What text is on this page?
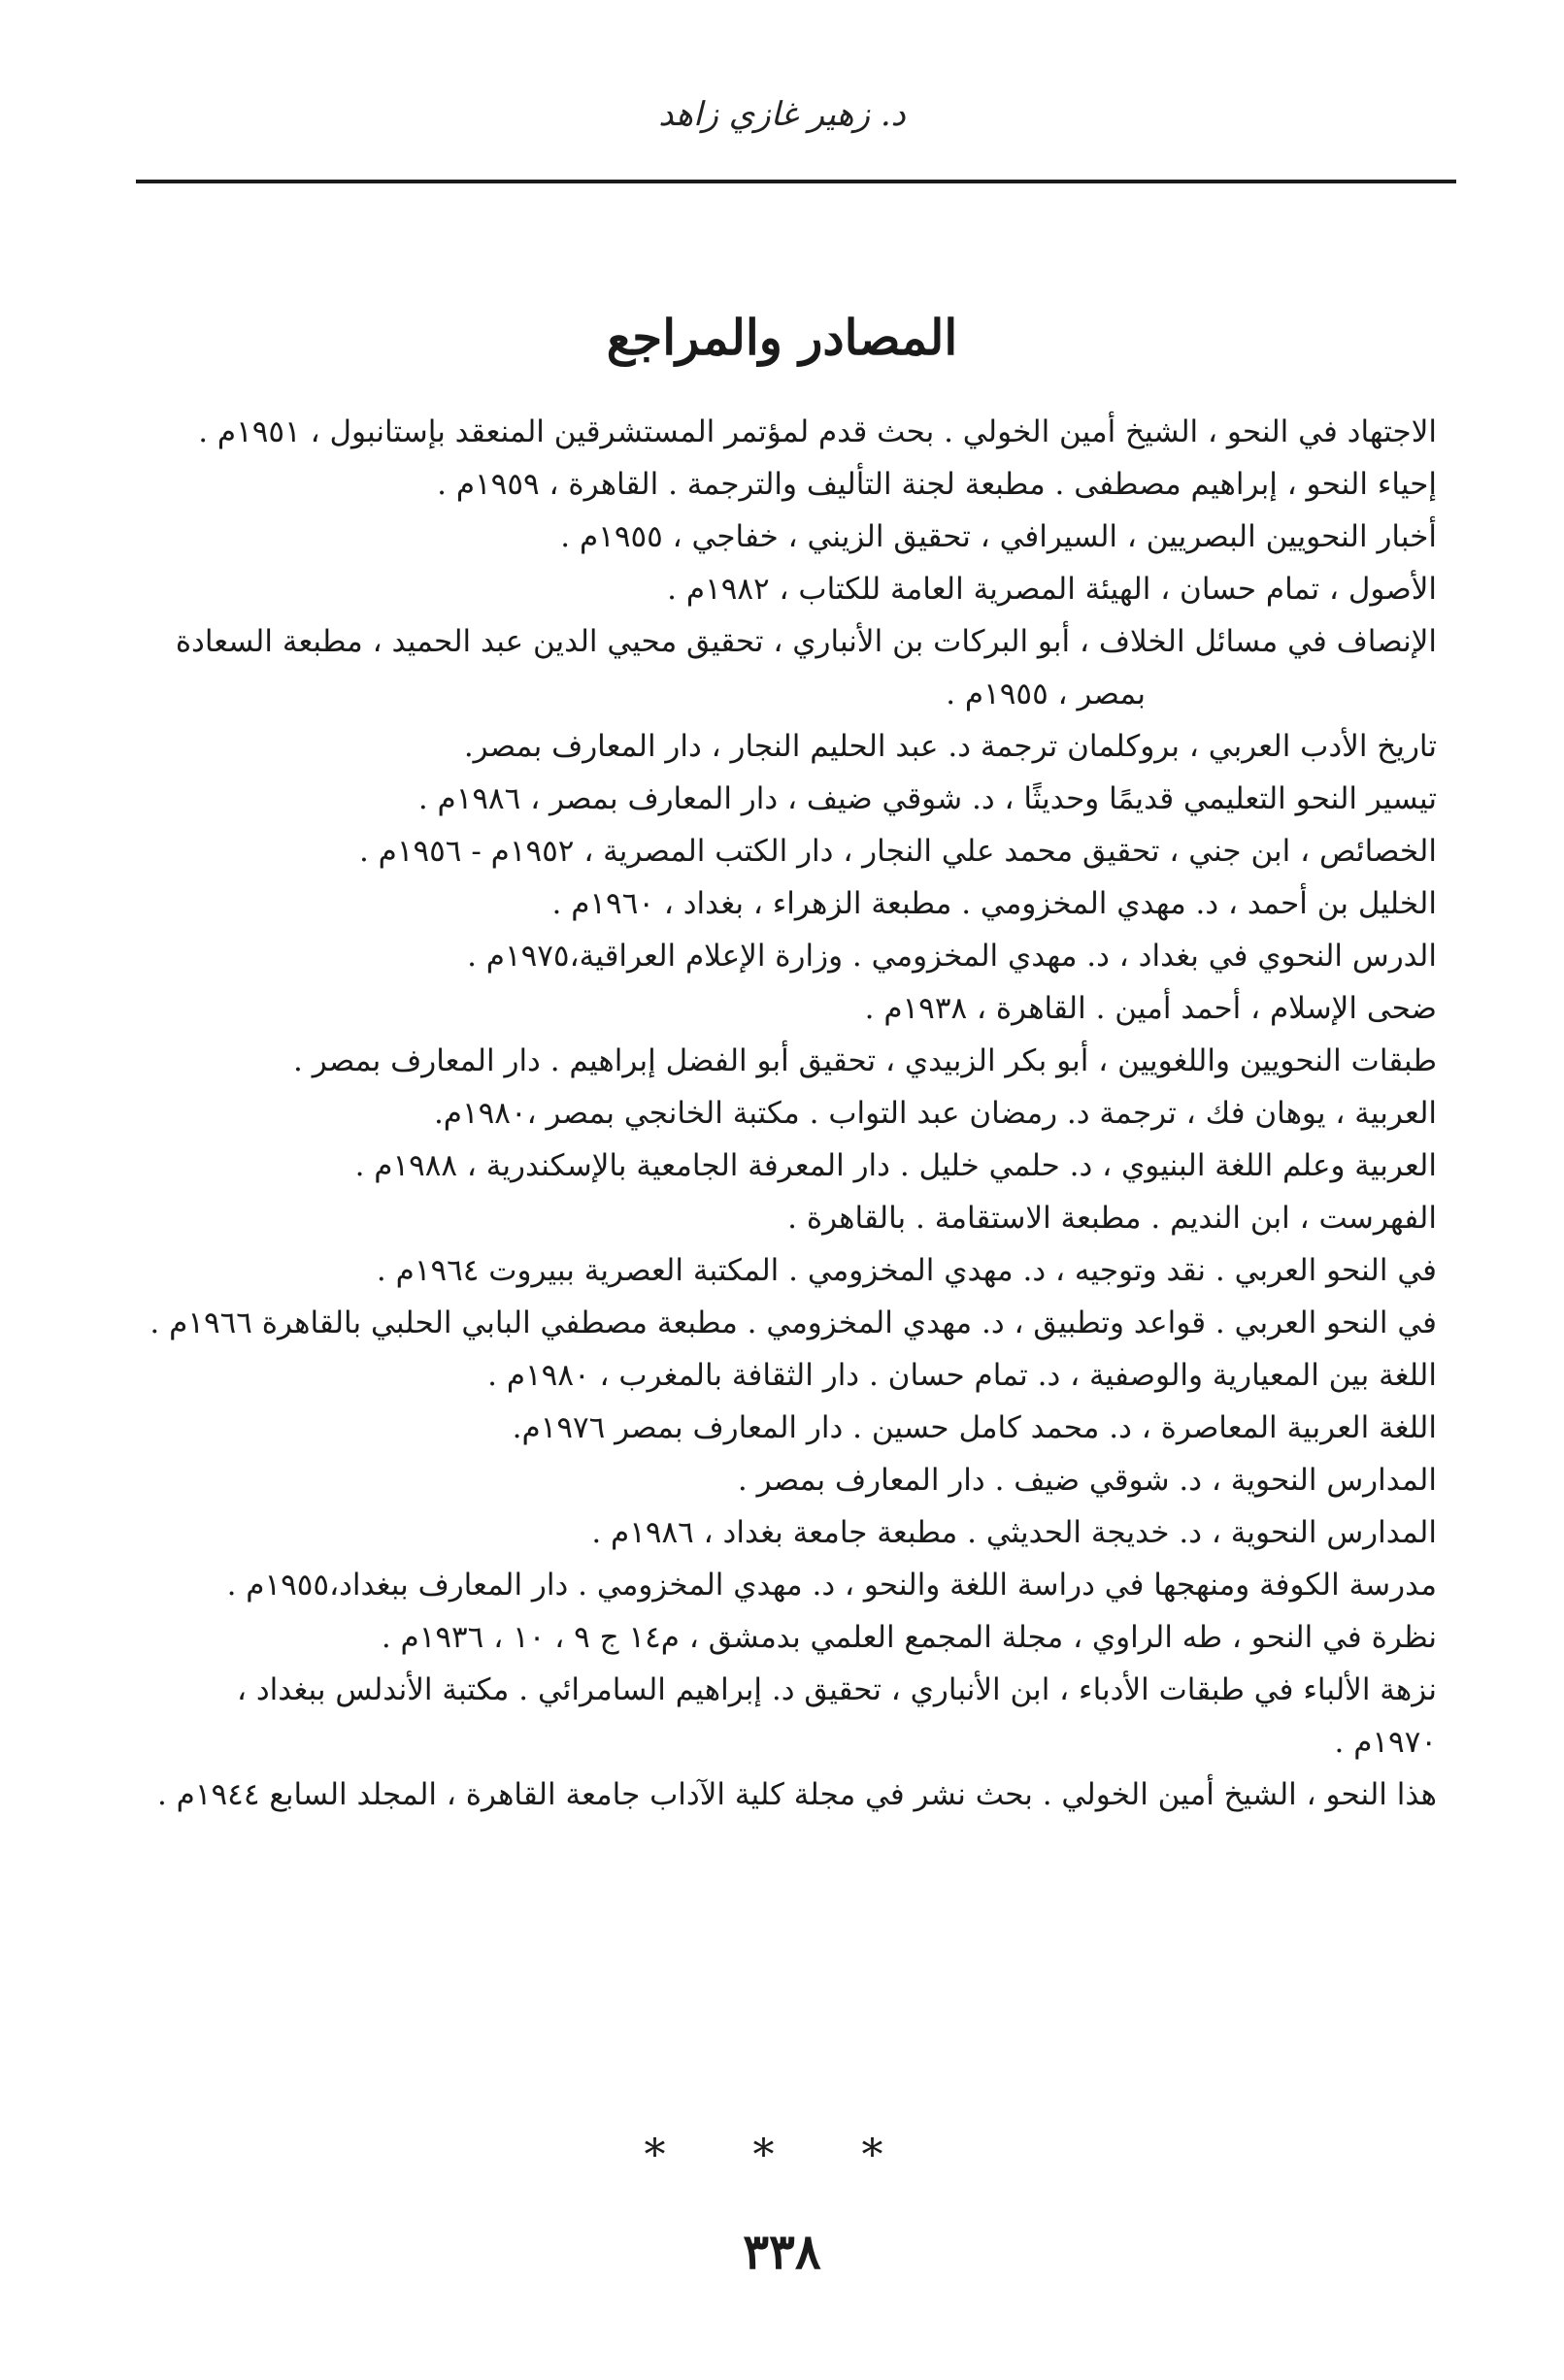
د. زهير غازي زاهد
المصادر والمراجع

الاجتهاد في النحو ، الشيخ أمين الخولي . بحث قدم لمؤتمر المستشرقين المنعقد بإستانبول ، ١٩٥١م .

إحياء النحو ، إبراهيم مصطفى . مطبعة لجنة التأليف والترجمة . القاهرة ، ١٩٥٩م .

أخبار النحويين البصريين ، السيرافي ، تحقيق الزيني ، خفاجي ، ١٩٥٥م .

الأصول ، تمام حسان ، الهيئة المصرية العامة للكتاب ، ١٩٨٢م .

الإنصاف في مسائل الخلاف ، أبو البركات بن الأنباري ، تحقيق محيي الدين عبد الحميد ، مطبعة السعادة
بمصر ، ١٩٥٥م .

تاريخ الأدب العربي ، بروكلمان ترجمة د. عبد الحليم النجار ، دار المعارف بمصر.

تيسير النحو التعليمي قديمًا وحديثًا ، د. شوقي ضيف ، دار المعارف بمصر ، ١٩٨٦م .

الخصائص ، ابن جني ، تحقيق محمد علي النجار ، دار الكتب المصرية ، ١٩٥٢م - ١٩٥٦م .

الخليل بن أحمد ، د. مهدي المخزومي . مطبعة الزهراء ، بغداد ، ١٩٦٠م .

الدرس النحوي في بغداد ، د. مهدي المخزومي . وزارة الإعلام العراقية،١٩٧٥م .

ضحى الإسلام ، أحمد أمين . القاهرة ، ١٩٣٨م .

طبقات النحويين واللغويين ، أبو بكر الزبيدي ، تحقيق أبو الفضل إبراهيم . دار المعارف بمصر .

العربية ، يوهان فك ، ترجمة د. رمضان عبد التواب . مكتبة الخانجي بمصر ،١٩٨٠م.

العربية وعلم اللغة البنيوي ، د. حلمي خليل . دار المعرفة الجامعية بالإسكندرية ، ١٩٨٨م .

الفهرست ، ابن النديم . مطبعة الاستقامة . بالقاهرة .

في النحو العربي . نقد وتوجيه ، د. مهدي المخزومي . المكتبة العصرية ببيروت ١٩٦٤م .

في النحو العربي . قواعد وتطبيق ، د. مهدي المخزومي . مطبعة مصطفي البابي الحلبي بالقاهرة ١٩٦٦م .

اللغة بين المعيارية والوصفية ، د. تمام حسان . دار الثقافة بالمغرب ، ١٩٨٠م .

اللغة العربية المعاصرة ، د. محمد كامل حسين . دار المعارف بمصر ١٩٧٦م.

المدارس النحوية ، د. شوقي ضيف . دار المعارف بمصر .

المدارس النحوية ، د. خديجة الحديثي . مطبعة جامعة بغداد ، ١٩٨٦م .

مدرسة الكوفة ومنهجها في دراسة اللغة والنحو ، د. مهدي المخزومي . دار المعارف ببغداد،١٩٥٥م .

نظرة في النحو ، طه الراوي ، مجلة المجمع العلمي بدمشق ، م١٤ ج ٩ ، ١٠ ، ١٩٣٦م .

نزهة الألباء في طبقات الأدباء ، ابن الأنباري ، تحقيق د. إبراهيم السامرائي . مكتبة الأندلس ببغداد ، ١٩٧٠م .

هذا النحو ، الشيخ أمين الخولي . بحث نشر في مجلة كلية الآداب جامعة القاهرة ، المجلد السابع ١٩٤٤م .

* * *
٣٣٨
